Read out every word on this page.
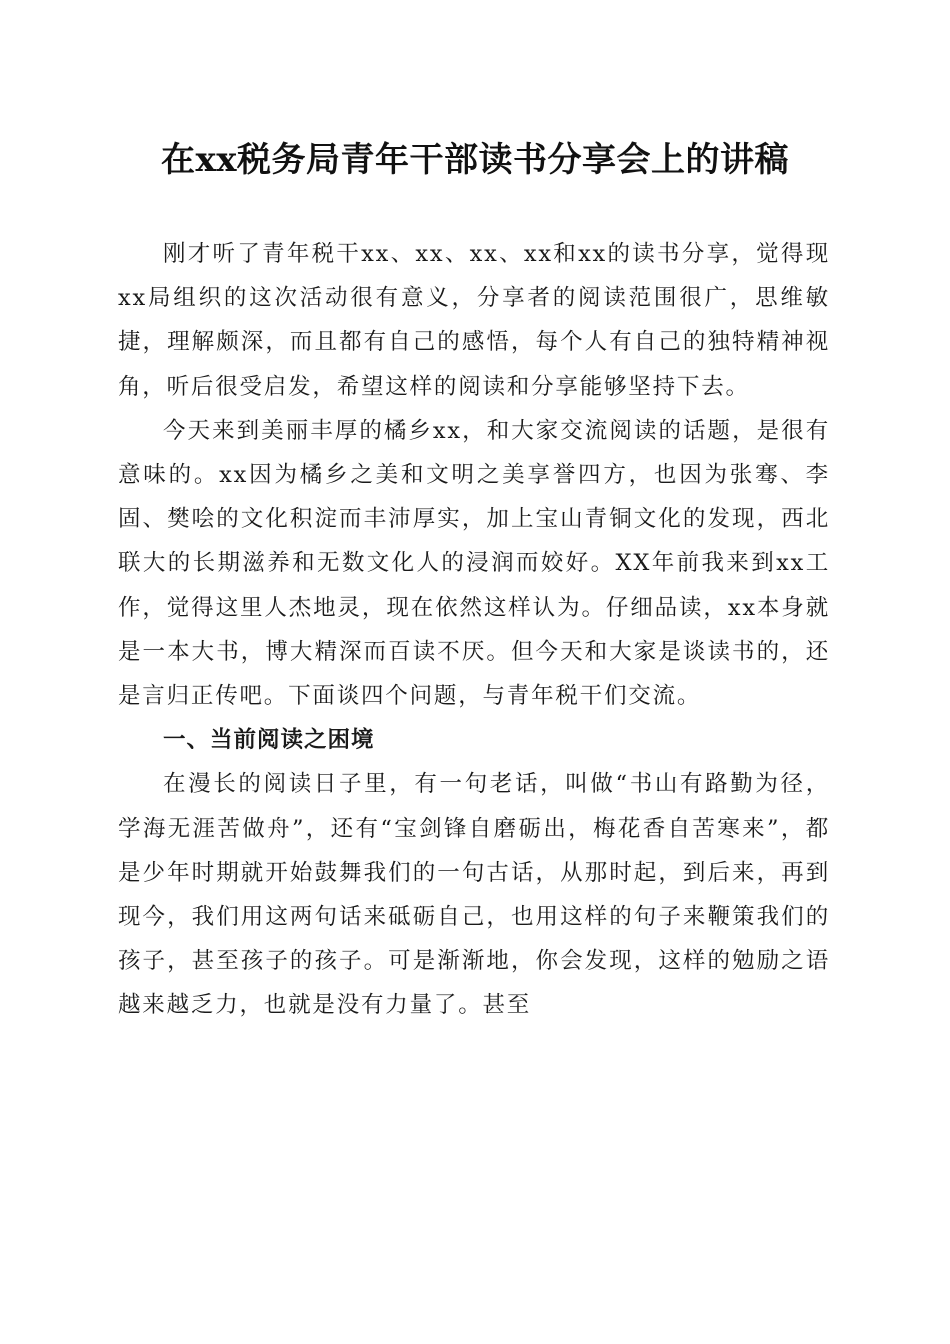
在xx税务局青年干部读书分享会上的讲稿

刚才听了青年税干xx、xx、xx、xx和xx的读书分享，觉得现xx局组织的这次活动很有意义，分享者的阅读范围很广，思维敏捷，理解颇深，而且都有自己的感悟，每个人有自己的独特精神视角，听后很受启发，希望这样的阅读和分享能够坚持下去。

今天来到美丽丰厚的橘乡xx，和大家交流阅读的话题，是很有意味的。xx因为橘乡之美和文明之美享誉四方，也因为张骞、李固、樊哙的文化积淀而丰沛厚实，加上宝山青铜文化的发现，西北联大的长期滋养和无数文化人的浸润而姣好。XX年前我来到xx工作，觉得这里人杰地灵，现在依然这样认为。仔细品读，xx本身就是一本大书，博大精深而百读不厌。但今天和大家是谈读书的，还是言归正传吧。下面谈四个问题，与青年税干们交流。

一、当前阅读之困境

在漫长的阅读日子里，有一句老话，叫做“书山有路勤为径，学海无涯苦做舟”，还有“宝剑锋自磨砺出，梅花香自苦寒来”，都是少年时期就开始鼓舞我们的一句古话，从那时起，到后来，再到现今，我们用这两句话来砥砺自己，也用这样的句子来鞭策我们的孩子，甚至孩子的孩子。可是渐渐地，你会发现，这样的勉励之语越来越乏力，也就是没有力量了。甚至
